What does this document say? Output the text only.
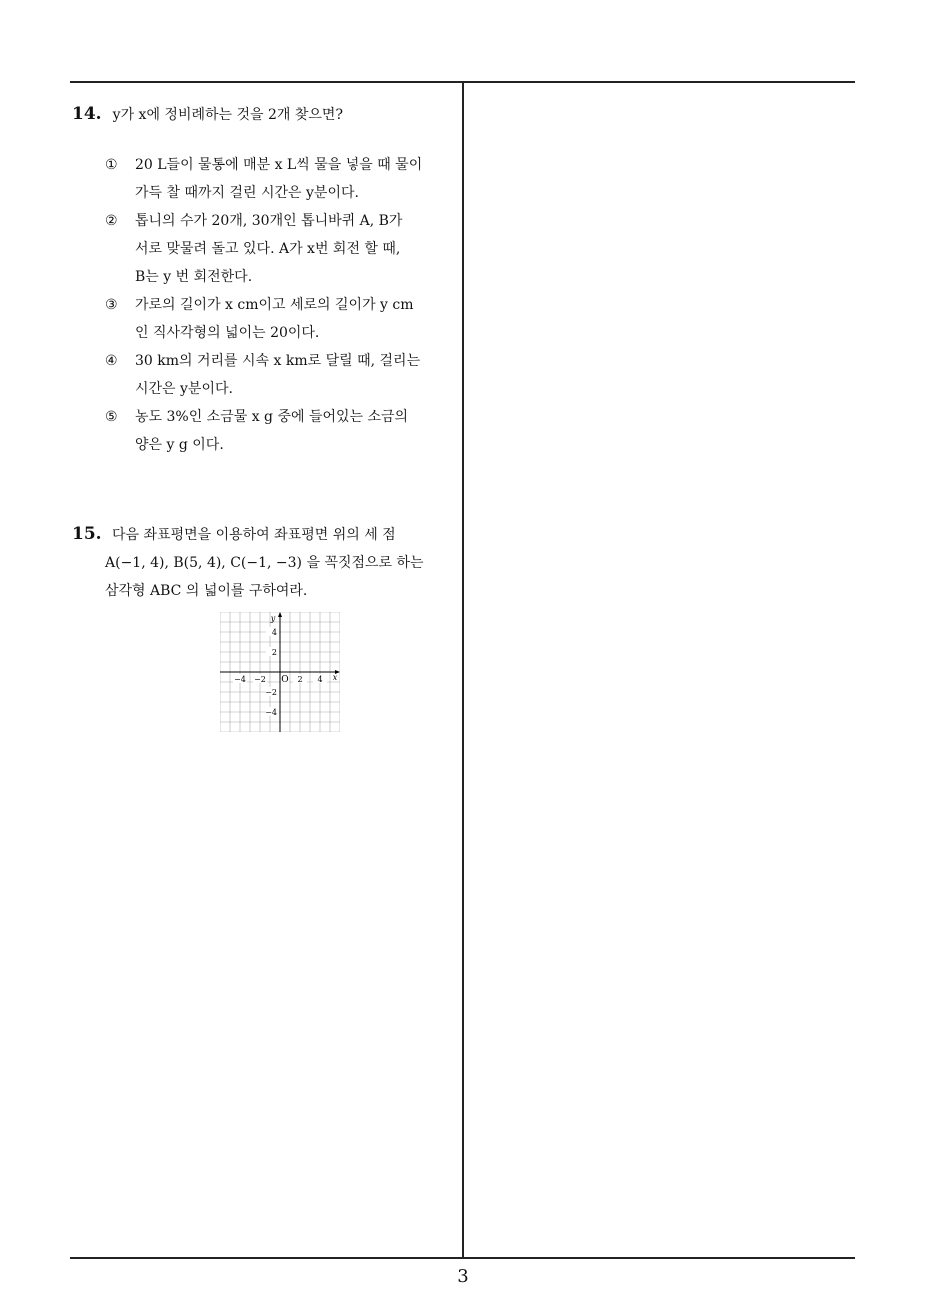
14. y가 x에 정비례하는 것을 2개 찾으면?
①	20 L들이 물통에 매분 x L씩 물을 넣을 때 물이
가득 찰 때까지 걸린 시간은 y분이다.
②	톱니의 수가 20개, 30개인 톱니바퀴 A, B가
서로 맞물려 돌고 있다. A가 x번 회전 할 때,
B는 y 번 회전한다.
③	가로의 길이가 x cm이고 세로의 길이가 y cm
인 직사각형의 넓이는 20이다.
④	30 km의 거리를 시속 x km로 달릴 때, 걸리는
시간은 y분이다.
⑤	농도 3%인 소금물 x g 중에 들어있는 소금의
양은 y g 이다.
15. 다음 좌표평면을 이용하여 좌표평면 위의 세 점
A(−1, 4), B(5, 4), C(−1, −3) 을 꼭짓점으로 하는
삼각형 ABC 의 넓이를 구하여라.
−4 −2	2 4
4
2
−2
−4
O	x
y
3
